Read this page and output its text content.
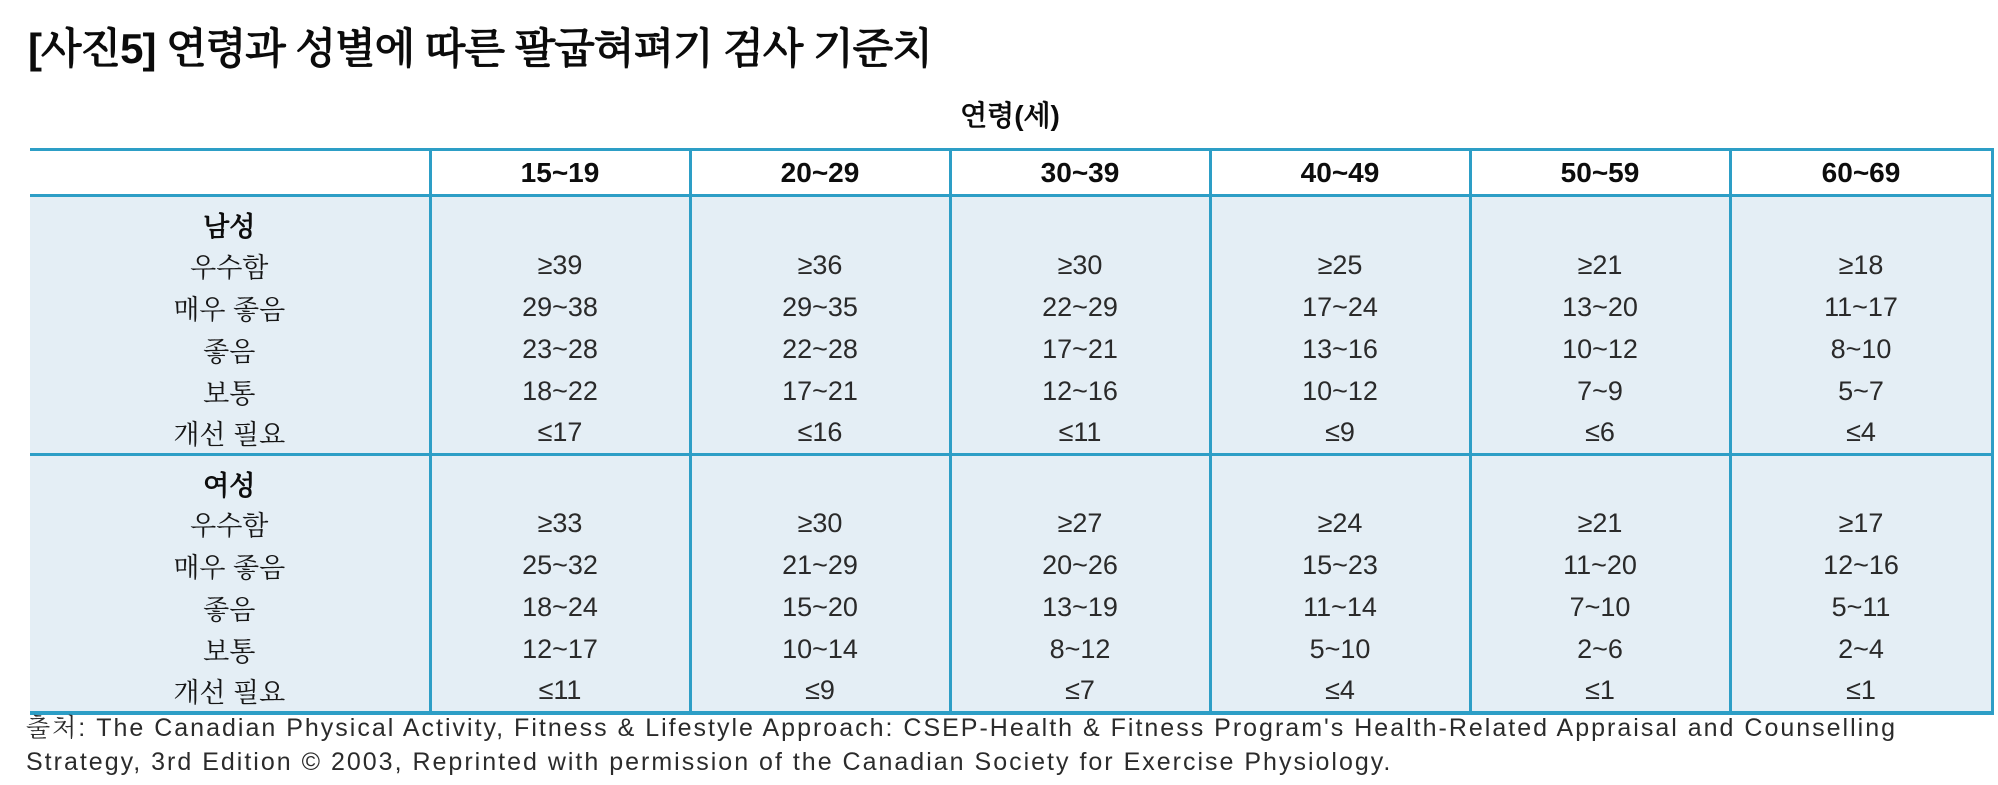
[사진5] 연령과 성별에 따른 팔굽혀펴기 검사 기준치
연령(세)
	15~19	20~29	30~39	40~49	50~59	60~69
남성						
우수함	≥39	≥36	≥30	≥25	≥21	≥18
매우 좋음	29~38	29~35	22~29	17~24	13~20	11~17
좋음	23~28	22~28	17~21	13~16	10~12	8~10
보통	18~22	17~21	12~16	10~12	7~9	5~7
개선 필요	≤17	≤16	≤11	≤9	≤6	≤4
여성						
우수함	≥33	≥30	≥27	≥24	≥21	≥17
매우 좋음	25~32	21~29	20~26	15~23	11~20	12~16
좋음	18~24	15~20	13~19	11~14	7~10	5~11
보통	12~17	10~14	8~12	5~10	2~6	2~4
개선 필요	≤11	≤9	≤7	≤4	≤1	≤1
출처: The Canadian Physical Activity, Fitness & Lifestyle Approach: CSEP-Health & Fitness Program's Health-Related Appraisal and Counselling Strategy, 3rd Edition © 2003, Reprinted with permission of the Canadian Society for Exercise Physiology.
